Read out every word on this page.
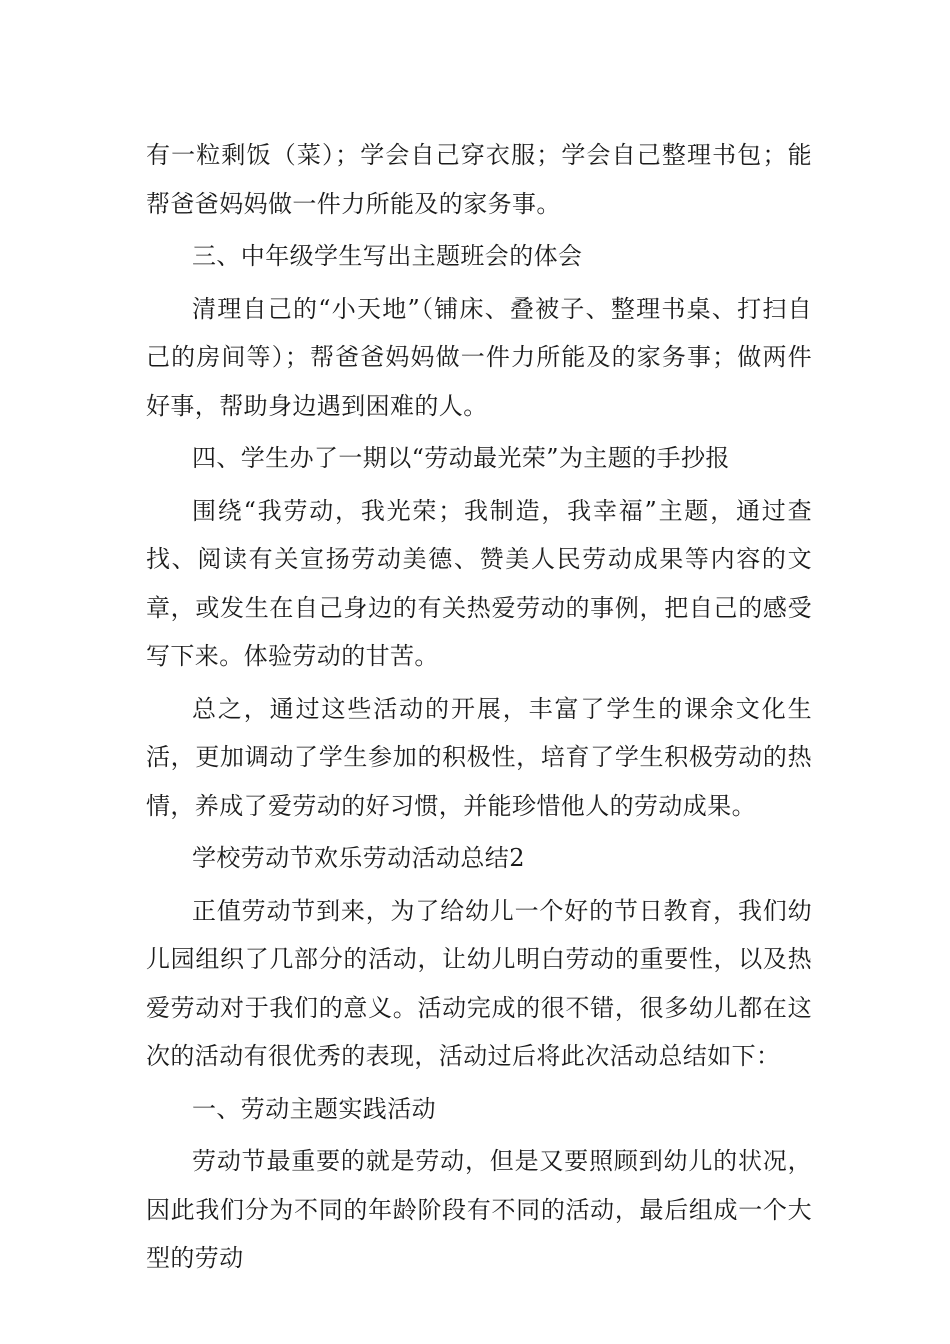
有一粒剩饭（菜）；学会自己穿衣服；学会自己整理书包；能帮爸爸妈妈做一件力所能及的家务事。

三、中年级学生写出主题班会的体会

清理自己的“小天地”（铺床、叠被子、整理书桌、打扫自己的房间等）；帮爸爸妈妈做一件力所能及的家务事；做两件好事，帮助身边遇到困难的人。

四、学生办了一期以“劳动最光荣”为主题的手抄报

围绕“我劳动，我光荣；我制造，我幸福”主题，通过查找、阅读有关宣扬劳动美德、赞美人民劳动成果等内容的文章，或发生在自己身边的有关热爱劳动的事例，把自己的感受写下来。体验劳动的甘苦。

总之，通过这些活动的开展，丰富了学生的课余文化生活，更加调动了学生参加的积极性，培育了学生积极劳动的热情，养成了爱劳动的好习惯，并能珍惜他人的劳动成果。

学校劳动节欢乐劳动活动总结2

正值劳动节到来，为了给幼儿一个好的节日教育，我们幼儿园组织了几部分的活动，让幼儿明白劳动的重要性，以及热爱劳动对于我们的意义。活动完成的很不错，很多幼儿都在这次的活动有很优秀的表现，活动过后将此次活动总结如下：

一、劳动主题实践活动

劳动节最重要的就是劳动，但是又要照顾到幼儿的状况，因此我们分为不同的年龄阶段有不同的活动，最后组成一个大型的劳动
